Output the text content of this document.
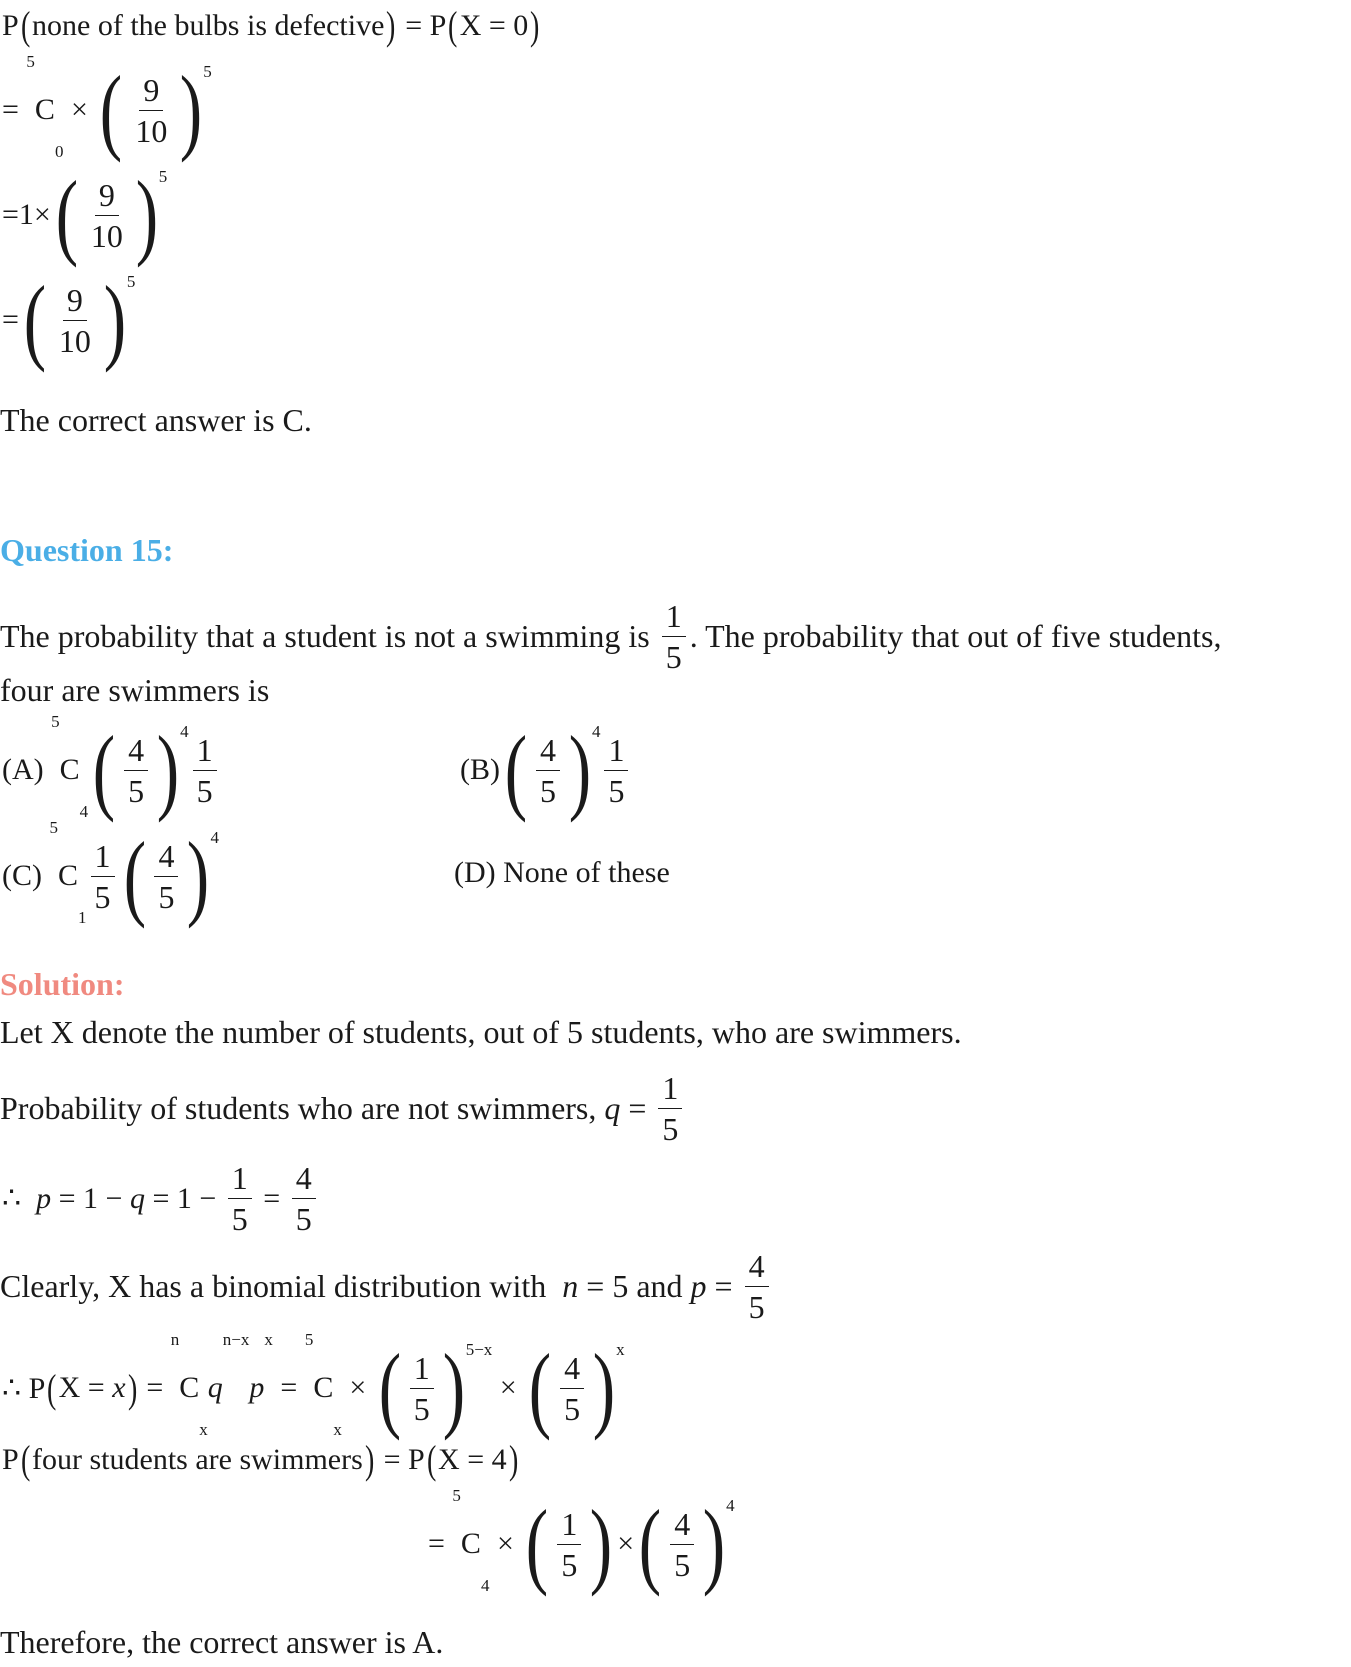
P ( none of the bulbs is defective ) = P ( X = 0 )
=
5
C
0
× ( $\frac{9}{10}$ ) 5
=1× ( $\frac{9}{10}$ ) 5
= ( $\frac{9}{10}$ ) 5
The correct answer is C.
Question 15:
The probability that a student is not a swimming is $\frac{1}{5}$ . The probability that out of five students,
four are swimmers is
(A)
5
C
4 ( $\frac{4}{5}$ ) $4 \frac{1}{5}$	(B) ( $\frac{4}{5}$ ) $4 \frac{1}{5}$
(C)
5
C
1
$\frac{1}{5}$ ( $\frac{4}{5}$ ) 4
(D) None of these
Solution:
Let X denote the number of students, out of 5 students, who are swimmers.
Probability of students who are not swimmers, $q = \frac{1}{5}$
∴ $p = 1 - q = 1 - \frac{1}{5} = \frac{4}{5}$
Clearly, X has a binomial distribution with n = 5 and $p = \frac{4}{5}$
∴ P ( X = x ) =
n
C
x
q
n−x
p
x
=
5
C
x
× ( $\frac{1}{5}$ ) 5−x
× ( $\frac{4}{5}$ ) x
P ( four students are swimmers ) = P ( X = 4 )
=
5
C
4
× ( $\frac{1}{5}$ ) × ( $\frac{4}{5}$ ) 4
Therefore, the correct answer is A.
